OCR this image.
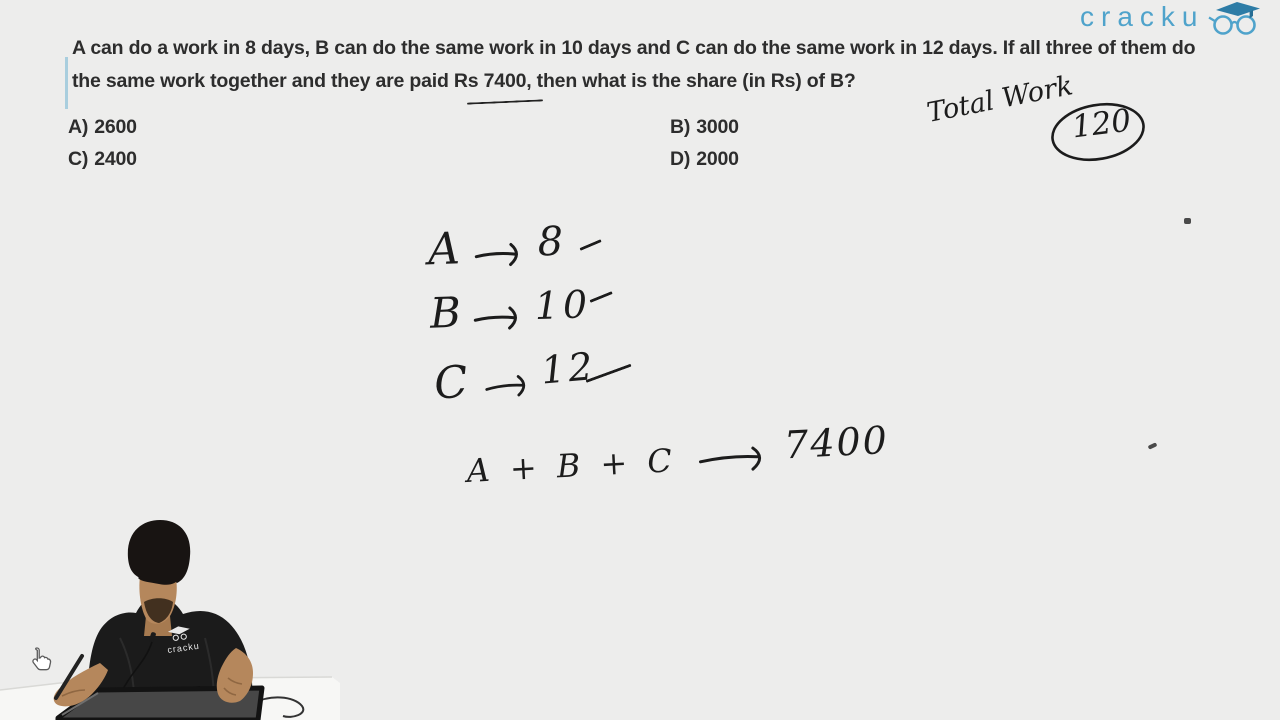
cracku
A can do a work in 8 days, B can do the same work in 10 days and C can do the same work in 12 days. If all three of them do
the same work together and they are paid Rs 7400, then what is the share (in Rs) of B?
A) 2600	B) 3000
C) 2400	D) 2000
Total Work
120
A 8
B 10
C 12
A + B + C	7400
cracku
